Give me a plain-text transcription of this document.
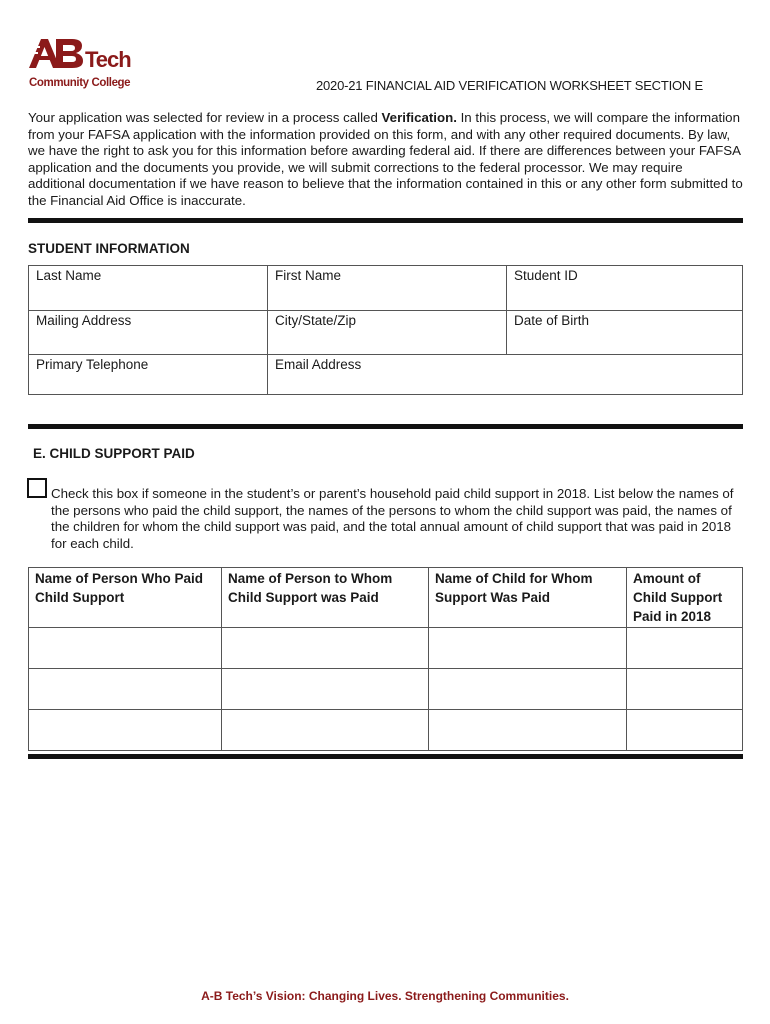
Tech
Community College	2020-21 FINANCIAL AID VERIFICATION WORKSHEET SECTION E
Your application was selected for review in a process called Verification. In this process, we will compare the information from your FAFSA application with the information provided on this form, and with any other required documents. By law, we have the right to ask you for this information before awarding federal aid. If there are differences between your FAFSA application and the documents you provide, we will submit corrections to the federal processor. We may require additional documentation if we have reason to believe that the information contained in this or any other form submitted to the Financial Aid Office is inaccurate.
STUDENT INFORMATION
Last Name	First Name	Student ID

Mailing Address	City/State/Zip	Date of Birth

Primary Telephone	Email Address	
E. CHILD SUPPORT PAID
Check this box if someone in the student’s or parent’s household paid child support in 2018. List below the names of the persons who paid the child support, the names of the persons to whom the child support was paid, the names of the children for whom the child support was paid, and the total annual amount of child support that was paid in 2018 for each child.
Name of Person Who Paid Child Support	Name of Person to Whom Child Support was Paid	Name of Child for Whom Support Was Paid	Amount of Child Support Paid in 2018

A-B Tech’s Vision: Changing Lives. Strengthening Communities.
